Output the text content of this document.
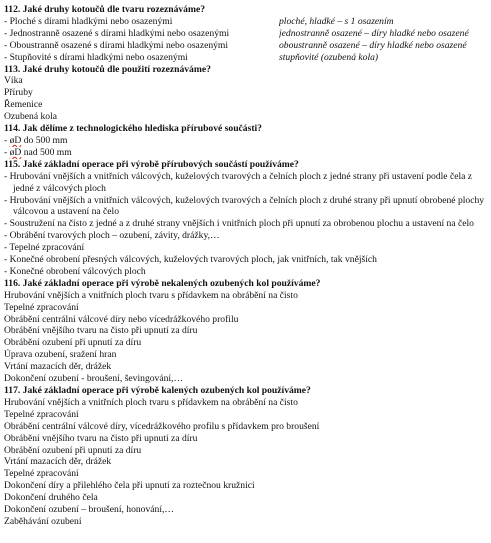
112. Jaké druhy kotoučů dle tvaru rozeznáváme?
- Ploché s dírami hladkými nebo osazenými	ploché, hladké – s 1 osazením
- Jednostranně osazené s dírami hladkými nebo osazenými	jednostranně osazené – díry hladké nebo osazené
- Oboustranně osazené s dírami hladkými nebo osazenými	oboustranně osazené – díry hladké nebo osazené
- Stupňovité s dírami hladkými nebo osazenými	stupňovité (ozubená kola)
113. Jaké druhy kotoučů dle použití rozeznáváme?
Víka
Příruby
Řemenice
Ozubená kola
114. Jak dělíme z technologického hlediska přírubové součásti?
- øD do 500 mm
- øD nad 500 mm
115. Jaké základní operace při výrobě přírubových součástí používáme?
- Hrubování vnějších a vnitřních válcových, kuželových tvarových a čelních ploch z jedné strany při ustavení podle čela z jedné z válcových ploch
- Hrubování vnějších a vnitřních válcových, kuželových tvarových a čelních ploch z druhé strany při upnutí obrobené plochy válcovou a ustavení na čelo
- Soustružení na čisto z jedné a z druhé strany vnějších i vnitřních ploch při upnutí za obrobenou plochu a ustavení na čelo
- Obrábění tvarových ploch – ozubení, závity, drážky,…
- Tepelné zpracování
- Konečné obrobení přesných válcových, kuželových tvarových ploch, jak vnitřních, tak vnějších
- Konečné obrobení válcových ploch
116. Jaké základní operace při výrobě nekalených ozubených kol používáme?
Hrubování vnějších a vnitřních ploch tvaru s přídavkem na obrábění na čisto
Tepelné zpracování
Obrábění centrální válcové díry nebo vícedrážkového profilu
Obrábění vnějšího tvaru na čisto při upnutí za díru
Obrábění ozubení při upnutí za díru
Úprava ozubení, sražení hran
Vrtání mazacích děr, drážek
Dokončení ozubení - broušení, ševingování,…
117. Jaké základní operace při výrobě kalených ozubených kol používáme?
Hrubování vnějších a vnitřních ploch tvaru s přídavkem na obrábění na čisto
Tepelné zpracování
Obrábění centrální válcové díry, vícedrážkového profilu s přídavkem pro broušení
Obrábění vnějšího tvaru na čisto při upnutí za díru
Obrábění ozubení při upnutí za díru
Vrtání mazacích děr, drážek
Tepelné zpracování
Dokončení díry a přilehlého čela při upnutí za roztečnou kružnici
Dokončení druhého čela
Dokončení ozubení – broušení, honování,…
Zaběhávání ozubení
